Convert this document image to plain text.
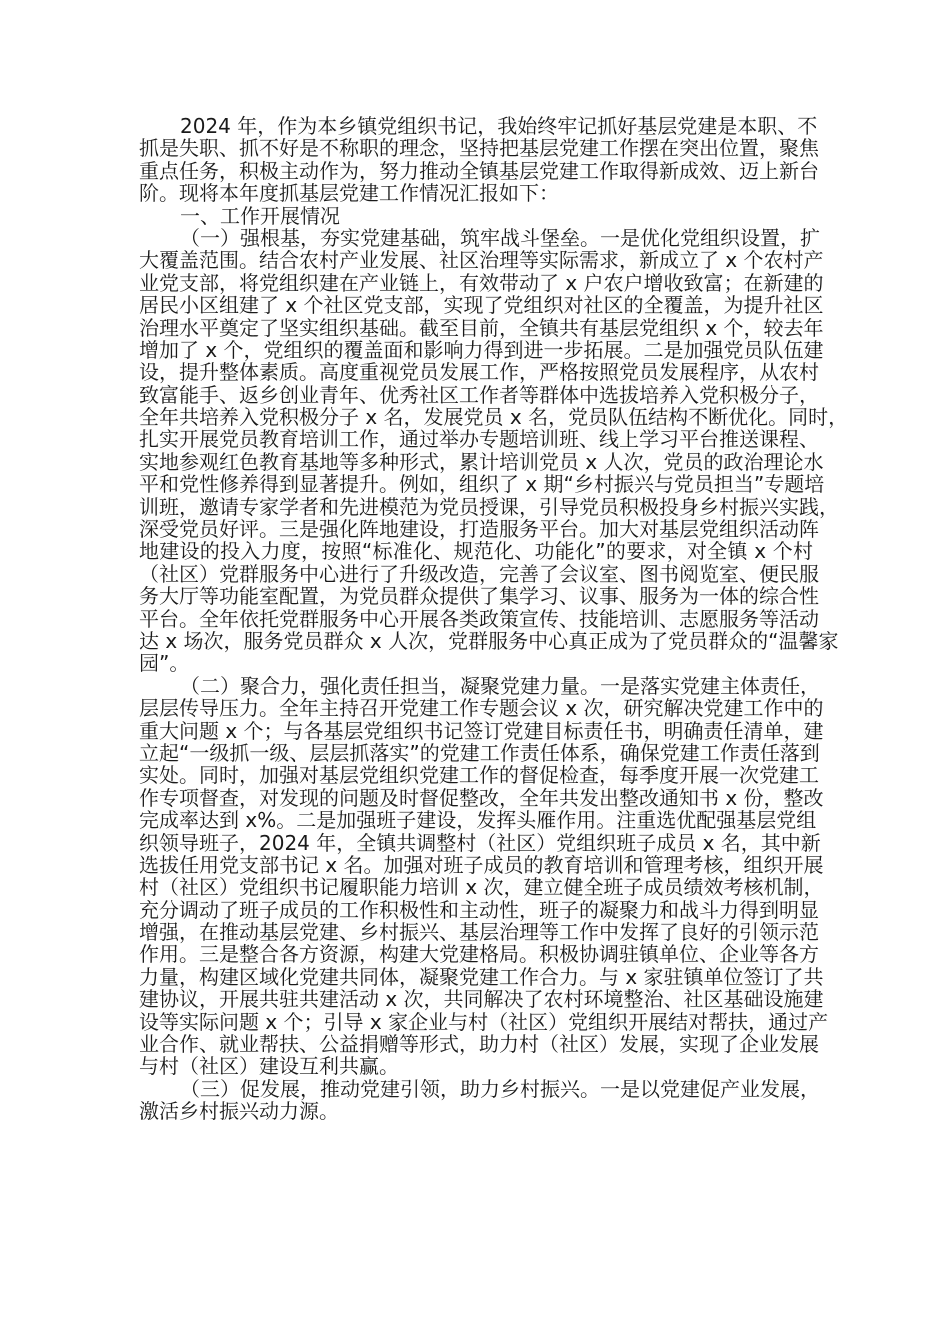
2024 年，作为本乡镇党组织书记，我始终牢记抓好基层党建是本职、不
抓是失职、抓不好是不称职的理念，坚持把基层党建工作摆在突出位置，聚焦
重点任务，积极主动作为，努力推动全镇基层党建工作取得新成效、迈上新台
阶。现将本年度抓基层党建工作情况汇报如下：
一、工作开展情况
（一）强根基，夯实党建基础，筑牢战斗堡垒。一是优化党组织设置，扩
大覆盖范围。结合农村产业发展、社区治理等实际需求，新成立了 x 个农村产
业党支部，将党组织建在产业链上，有效带动了 x 户农户增收致富；在新建的
居民小区组建了 x 个社区党支部，实现了党组织对社区的全覆盖，为提升社区
治理水平奠定了坚实组织基础。截至目前，全镇共有基层党组织 x 个，较去年
增加了 x 个，党组织的覆盖面和影响力得到进一步拓展。二是加强党员队伍建
设，提升整体素质。高度重视党员发展工作，严格按照党员发展程序，从农村
致富能手、返乡创业青年、优秀社区工作者等群体中选拔培养入党积极分子，
全年共培养入党积极分子 x 名，发展党员 x 名，党员队伍结构不断优化。同时，
扎实开展党员教育培训工作，通过举办专题培训班、线上学习平台推送课程、
实地参观红色教育基地等多种形式，累计培训党员 x 人次，党员的政治理论水
平和党性修养得到显著提升。例如，组织了 x 期“乡村振兴与党员担当”专题培
训班，邀请专家学者和先进模范为党员授课，引导党员积极投身乡村振兴实践，
深受党员好评。三是强化阵地建设，打造服务平台。加大对基层党组织活动阵
地建设的投入力度，按照“标准化、规范化、功能化”的要求，对全镇 x 个村
（社区）党群服务中心进行了升级改造，完善了会议室、图书阅览室、便民服
务大厅等功能室配置，为党员群众提供了集学习、议事、服务为一体的综合性
平台。全年依托党群服务中心开展各类政策宣传、技能培训、志愿服务等活动
达 x 场次，服务党员群众 x 人次，党群服务中心真正成为了党员群众的“温馨家
园”。
（二）聚合力，强化责任担当，凝聚党建力量。一是落实党建主体责任，
层层传导压力。全年主持召开党建工作专题会议 x 次，研究解决党建工作中的
重大问题 x 个；与各基层党组织书记签订党建目标责任书，明确责任清单，建
立起“一级抓一级、层层抓落实”的党建工作责任体系，确保党建工作责任落到
实处。同时，加强对基层党组织党建工作的督促检查，每季度开展一次党建工
作专项督查，对发现的问题及时督促整改，全年共发出整改通知书 x 份，整改
完成率达到 x%。二是加强班子建设，发挥头雁作用。注重选优配强基层党组
织领导班子，2024 年，全镇共调整村（社区）党组织班子成员 x 名，其中新
选拔任用党支部书记 x 名。加强对班子成员的教育培训和管理考核，组织开展
村（社区）党组织书记履职能力培训 x 次，建立健全班子成员绩效考核机制，
充分调动了班子成员的工作积极性和主动性，班子的凝聚力和战斗力得到明显
增强，在推动基层党建、乡村振兴、基层治理等工作中发挥了良好的引领示范
作用。三是整合各方资源，构建大党建格局。积极协调驻镇单位、企业等各方
力量，构建区域化党建共同体，凝聚党建工作合力。与 x 家驻镇单位签订了共
建协议，开展共驻共建活动 x 次，共同解决了农村环境整治、社区基础设施建
设等实际问题 x 个；引导 x 家企业与村（社区）党组织开展结对帮扶，通过产
业合作、就业帮扶、公益捐赠等形式，助力村（社区）发展，实现了企业发展
与村（社区）建设互利共赢。
（三）促发展，推动党建引领，助力乡村振兴。一是以党建促产业发展，
激活乡村振兴动力源。
